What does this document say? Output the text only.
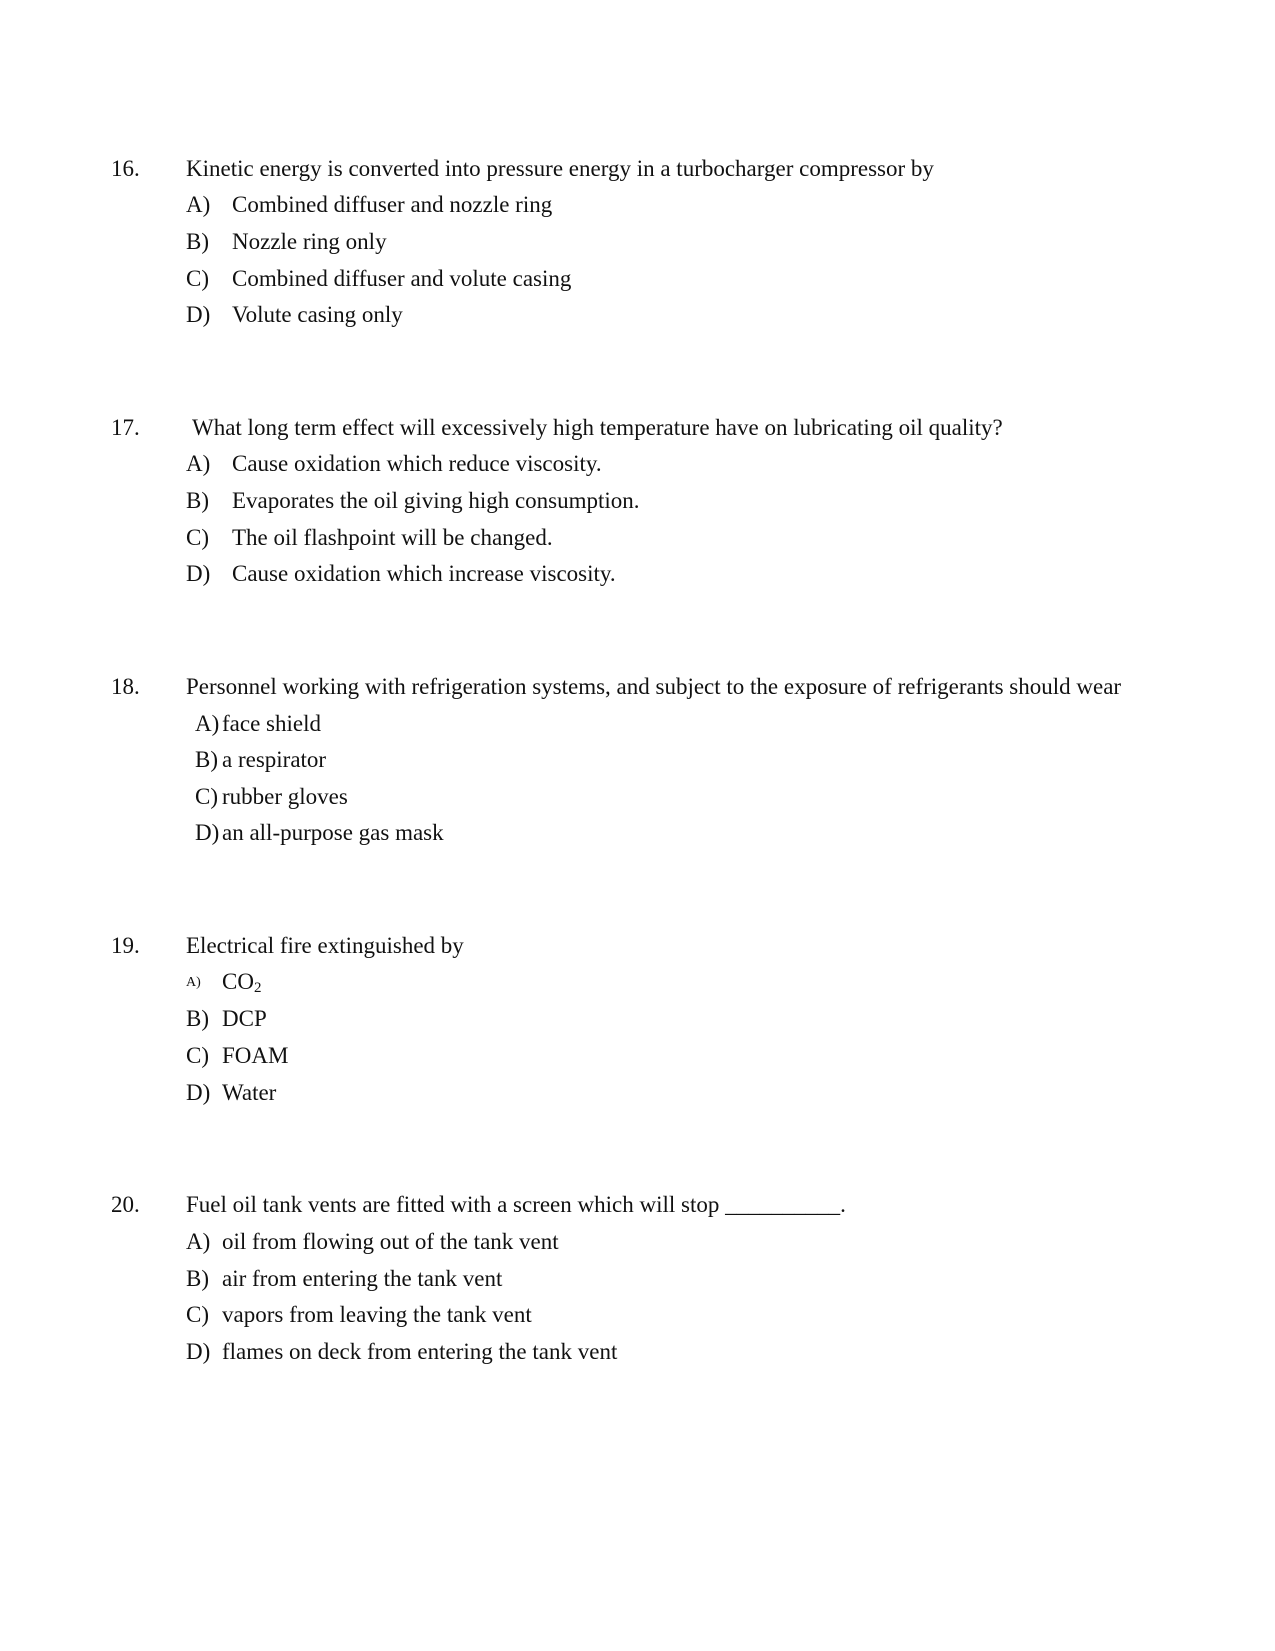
16. Kinetic energy is converted into pressure energy in a turbocharger compressor by
A) Combined diffuser and nozzle ring
B) Nozzle ring only
C) Combined diffuser and volute casing
D) Volute casing only
17. What long term effect will excessively high temperature have on lubricating oil quality?
A) Cause oxidation which reduce viscosity.
B) Evaporates the oil giving high consumption.
C) The oil flashpoint will be changed.
D) Cause oxidation which increase viscosity.
18. Personnel working with refrigeration systems, and subject to the exposure of refrigerants should wear
A) face shield
B) a respirator
C) rubber gloves
D) an all-purpose gas mask
19. Electrical fire extinguished by
A) $CO_2$
B) DCP
C) FOAM
D) Water
20. Fuel oil tank vents are fitted with a screen which will stop __________.
A) oil from flowing out of the tank vent
B) air from entering the tank vent
C) vapors from leaving the tank vent
D) flames on deck from entering the tank vent
